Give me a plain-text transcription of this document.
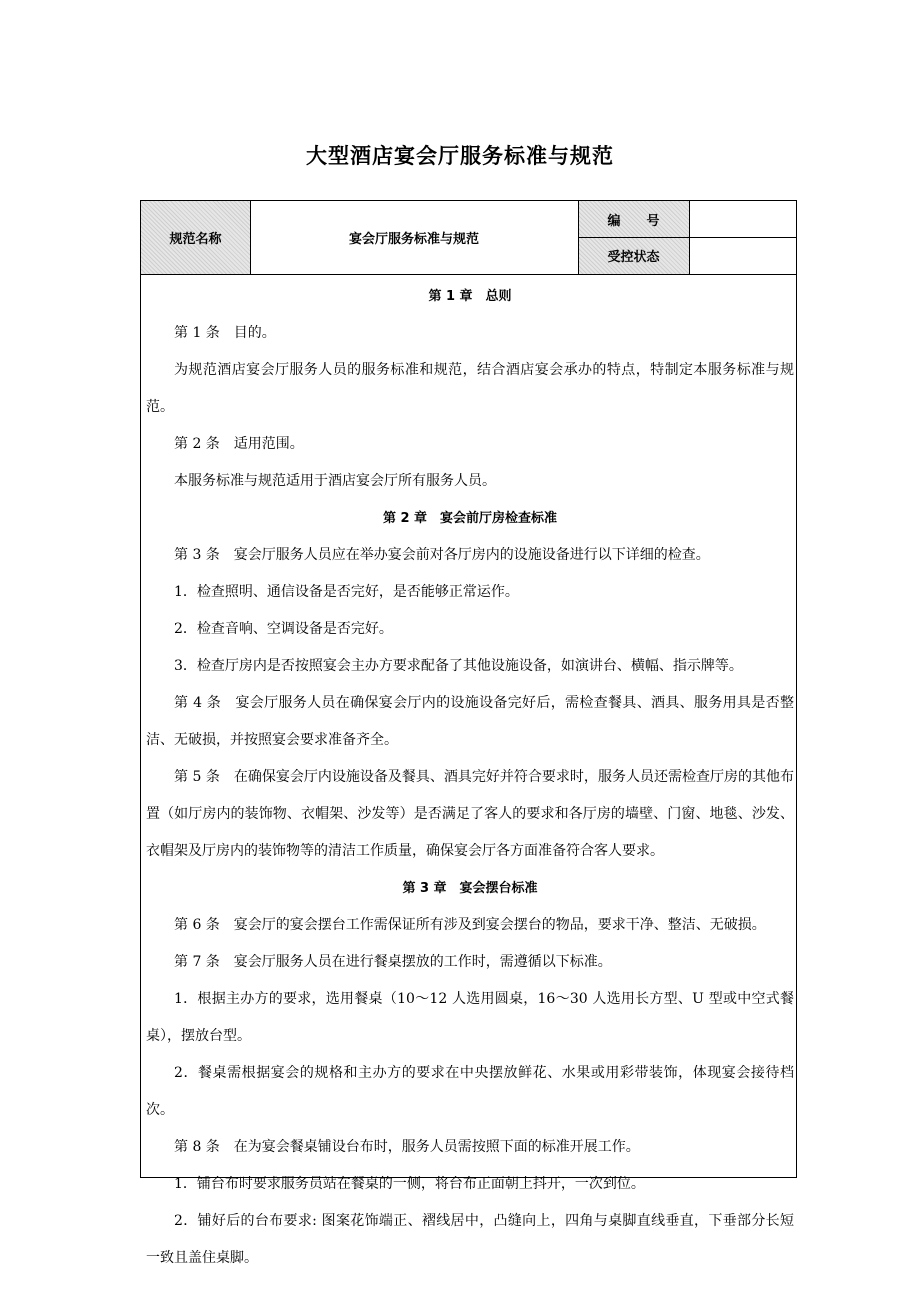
大型酒店宴会厅服务标准与规范
规范名称	宴会厅服务标准与规范
编　　号
受控状态

第 1 章　总则

第 1 条　目的。

为规范酒店宴会厅服务人员的服务标准和规范，结合酒店宴会承办的特点，特制定本服务标准与规范。

第 2 条　适用范围。

本服务标准与规范适用于酒店宴会厅所有服务人员。

第 2 章　宴会前厅房检查标准

第 3 条　宴会厅服务人员应在举办宴会前对各厅房内的设施设备进行以下详细的检查。

1．检查照明、通信设备是否完好，是否能够正常运作。

2．检查音响、空调设备是否完好。

3．检查厅房内是否按照宴会主办方要求配备了其他设施设备，如演讲台、横幅、指示牌等。

第 4 条　宴会厅服务人员在确保宴会厅内的设施设备完好后，需检查餐具、酒具、服务用具是否整洁、无破损，并按照宴会要求准备齐全。

第 5 条　在确保宴会厅内设施设备及餐具、酒具完好并符合要求时，服务人员还需检查厅房的其他布置（如厅房内的装饰物、衣帽架、沙发等）是否满足了客人的要求和各厅房的墙壁、门窗、地毯、沙发、衣帽架及厅房内的装饰物等的清洁工作质量，确保宴会厅各方面准备符合客人要求。

第 3 章　宴会摆台标准

第 6 条　宴会厅的宴会摆台工作需保证所有涉及到宴会摆台的物品，要求干净、整洁、无破损。

第 7 条　宴会厅服务人员在进行餐桌摆放的工作时，需遵循以下标准。

1．根据主办方的要求，选用餐桌（10～12 人选用圆桌，16～30 人选用长方型、U 型或中空式餐桌），摆放台型。

2．餐桌需根据宴会的规格和主办方的要求在中央摆放鲜花、水果或用彩带装饰，体现宴会接待档次。

第 8 条　在为宴会餐桌铺设台布时，服务人员需按照下面的标准开展工作。

1．铺台布时要求服务员站在餐桌的一侧，将台布正面朝上抖开，一次到位。

2．铺好后的台布要求: 图案花饰端正、褶线居中，凸缝向上，四角与桌脚直线垂直，下垂部分长短一致且盖住桌脚。
